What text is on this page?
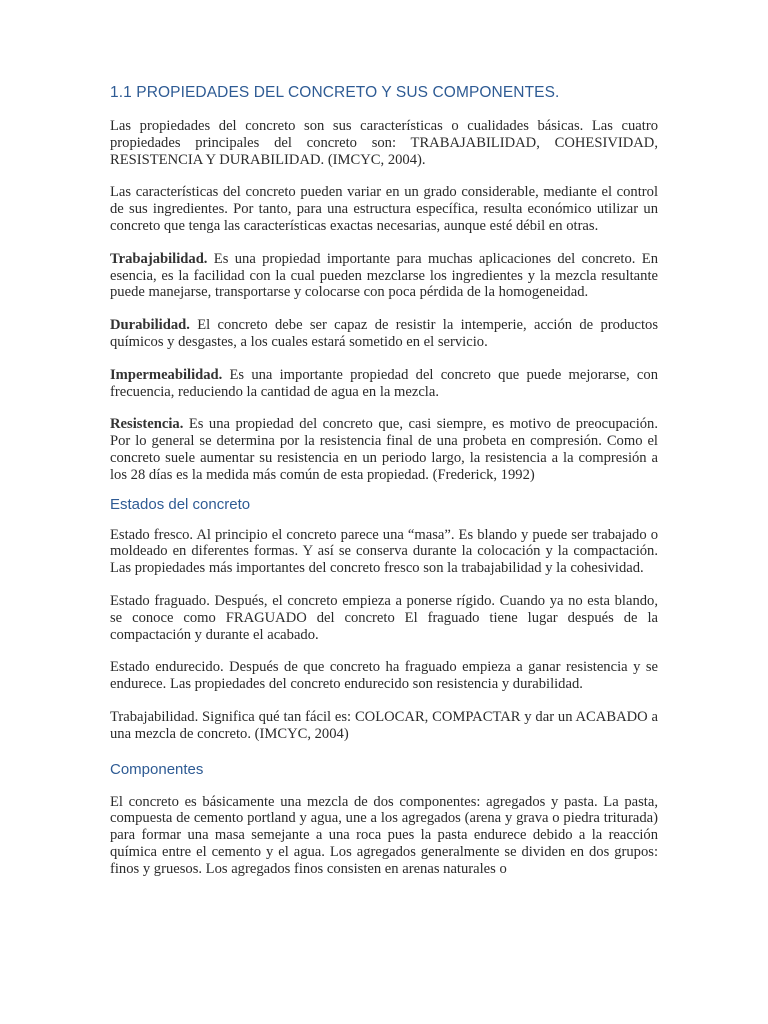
1.1 PROPIEDADES DEL CONCRETO Y SUS COMPONENTES.

Las propiedades del concreto son sus características o cualidades básicas. Las cuatro propiedades principales del concreto son: TRABAJABILIDAD, COHESIVIDAD, RESISTENCIA Y DURABILIDAD. (IMCYC, 2004).

Las características del concreto pueden variar en un grado considerable, mediante el control de sus ingredientes. Por tanto, para una estructura específica, resulta económico utilizar un concreto que tenga las características exactas necesarias, aunque esté débil en otras.

Trabajabilidad. Es una propiedad importante para muchas aplicaciones del concreto. En esencia, es la facilidad con la cual pueden mezclarse los ingredientes y la mezcla resultante puede manejarse, transportarse y colocarse con poca pérdida de la homogeneidad.

Durabilidad. El concreto debe ser capaz de resistir la intemperie, acción de productos químicos y desgastes, a los cuales estará sometido en el servicio.

Impermeabilidad. Es una importante propiedad del concreto que puede mejorarse, con frecuencia, reduciendo la cantidad de agua en la mezcla.

Resistencia. Es una propiedad del concreto que, casi siempre, es motivo de preocupación. Por lo general se determina por la resistencia final de una probeta en compresión. Como el concreto suele aumentar su resistencia en un periodo largo, la resistencia a la compresión a los 28 días es la medida más común de esta propiedad. (Frederick, 1992)

Estados del concreto

Estado fresco. Al principio el concreto parece una “masa”. Es blando y puede ser trabajado o moldeado en diferentes formas. Y así se conserva durante la colocación y la compactación. Las propiedades más importantes del concreto fresco son la trabajabilidad y la cohesividad.

Estado fraguado. Después, el concreto empieza a ponerse rígido. Cuando ya no esta blando, se conoce como FRAGUADO del concreto El fraguado tiene lugar después de la compactación y durante el acabado.

Estado endurecido. Después de que concreto ha fraguado empieza a ganar resistencia y se endurece. Las propiedades del concreto endurecido son resistencia y durabilidad.

Trabajabilidad. Significa qué tan fácil es: COLOCAR, COMPACTAR y dar un ACABADO a una mezcla de concreto. (IMCYC, 2004)

Componentes

El concreto es básicamente una mezcla de dos componentes: agregados y pasta. La pasta, compuesta de cemento portland y agua, une a los agregados (arena y grava o piedra triturada) para formar una masa semejante a una roca pues la pasta endurece debido a la reacción química entre el cemento y el agua. Los agregados generalmente se dividen en dos grupos: finos y gruesos. Los agregados finos consisten en arenas naturales o
